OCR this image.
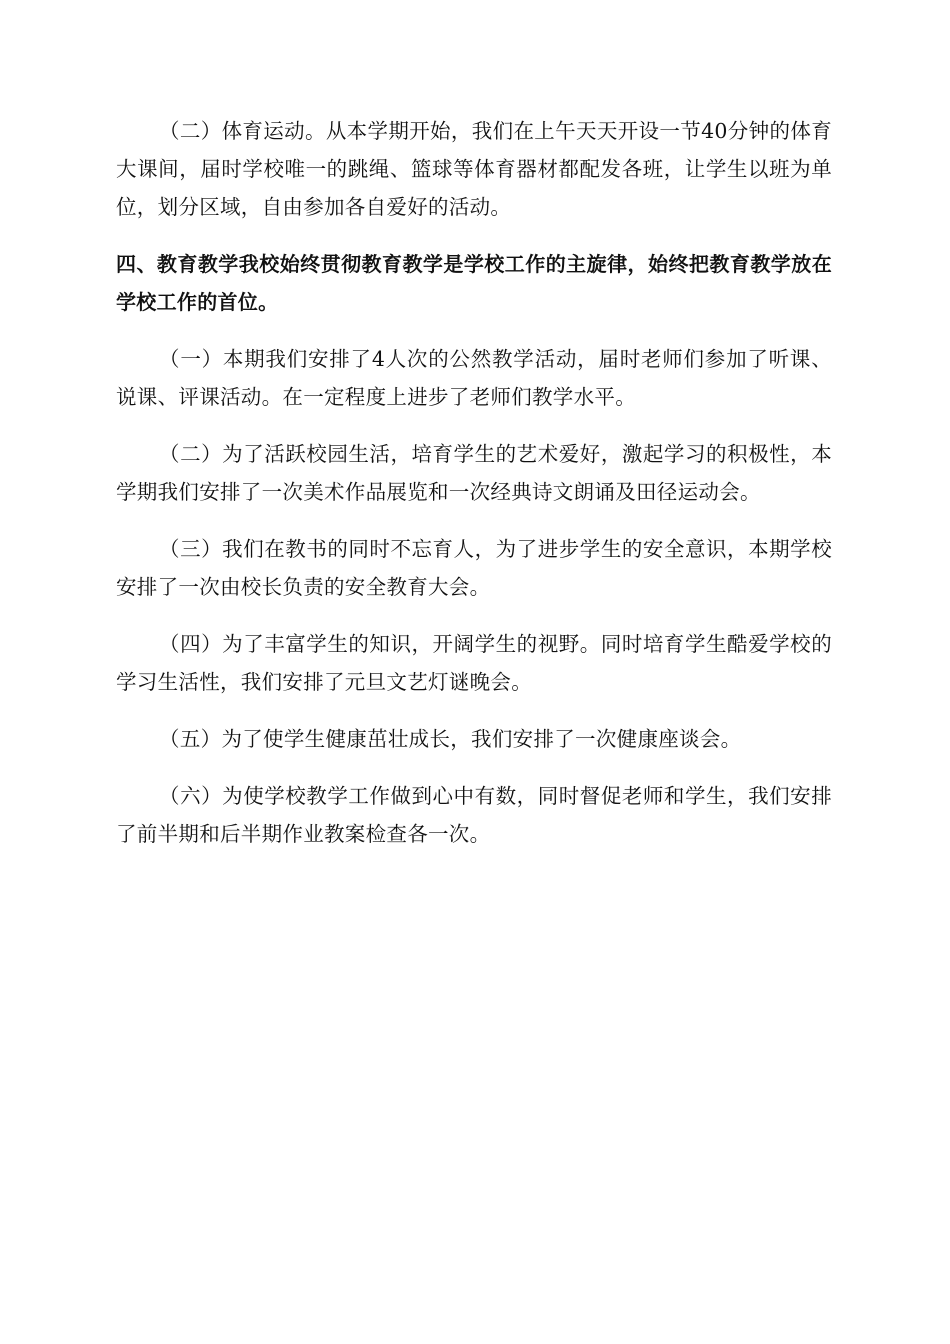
（二）体育运动。从本学期开始，我们在上午天天开设一节40分钟的体育大课间，届时学校唯一的跳绳、篮球等体育器材都配发各班，让学生以班为单位，划分区域，自由参加各自爱好的活动。

四、教育教学我校始终贯彻教育教学是学校工作的主旋律，始终把教育教学放在学校工作的首位。

（一）本期我们安排了4人次的公然教学活动，届时老师们参加了听课、说课、评课活动。在一定程度上进步了老师们教学水平。

（二）为了活跃校园生活，培育学生的艺术爱好，激起学习的积极性，本学期我们安排了一次美术作品展览和一次经典诗文朗诵及田径运动会。

（三）我们在教书的同时不忘育人，为了进步学生的安全意识，本期学校安排了一次由校长负责的安全教育大会。

（四）为了丰富学生的知识，开阔学生的视野。同时培育学生酷爱学校的学习生活性，我们安排了元旦文艺灯谜晚会。

（五）为了使学生健康茁壮成长，我们安排了一次健康座谈会。

（六）为使学校教学工作做到心中有数，同时督促老师和学生，我们安排了前半期和后半期作业教案检查各一次。
